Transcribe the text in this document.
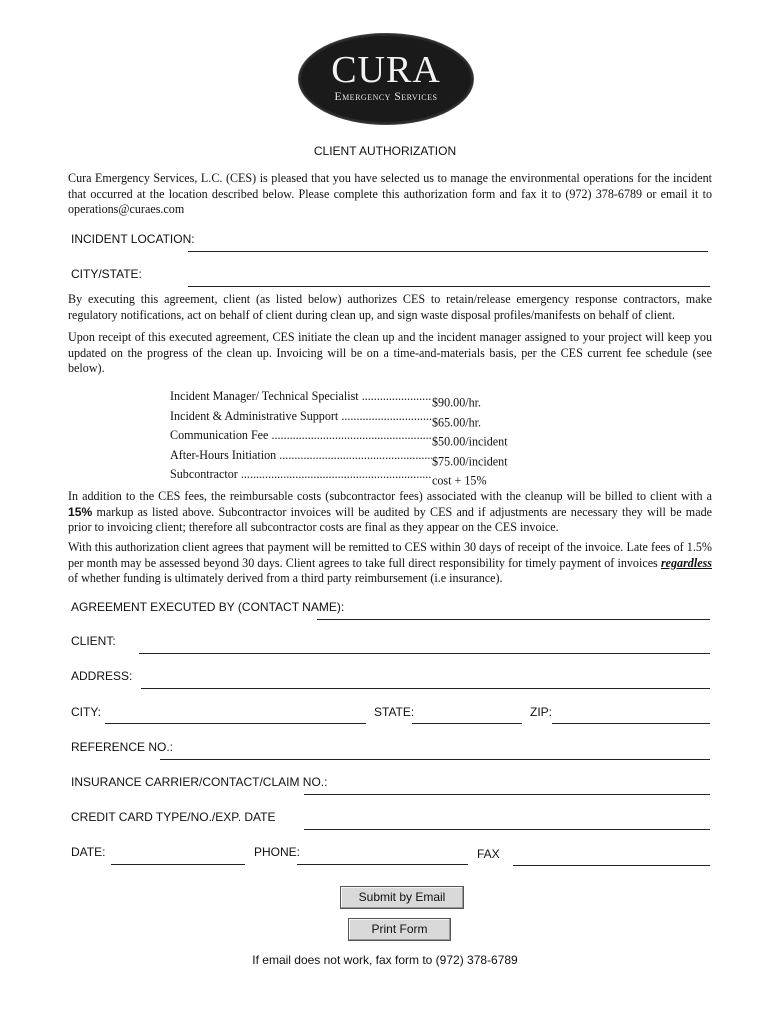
CURA
Emergency Services
CLIENT AUTHORIZATION

Cura Emergency Services, L.C. (CES) is pleased that you have selected us to manage the environmental operations for the incident that occurred at the location described below. Please complete this authorization form and fax it to (972) 378-6789 or email it to operations@curaes.com

INCIDENT LOCATION:
CITY/STATE:

By executing this agreement, client (as listed below) authorizes CES to retain/release emergency response contractors, make regulatory notifications, act on behalf of client during clean up, and sign waste disposal profiles/manifests on behalf of client.

Upon receipt of this executed agreement, CES initiate the clean up and the incident manager assigned to your project will keep you updated on the progress of the clean up. Invoicing will be on a time-and-materials basis, per the CES current fee schedule (see below).

Incident Manager/ Technical Specialist .....	$90.00/hr.
Incident & Administrative Support .....	$65.00/hr.
Communication Fee .....	$50.00/incident
After-Hours Initiation .....	$75.00/incident
Subcontractor .....	cost + 15%

In addition to the CES fees, the reimbursable costs (subcontractor fees) associated with the cleanup will be billed to client with a 15% markup as listed above. Subcontractor invoices will be audited by CES and if adjustments are necessary they will be made prior to invoicing client; therefore all subcontractor costs are final as they appear on the CES invoice.

With this authorization client agrees that payment will be remitted to CES within 30 days of receipt of the invoice. Late fees of 1.5% per month may be assessed beyond 30 days. Client agrees to take full direct responsibility for timely payment of invoices regardless of whether funding is ultimately derived from a third party reimbursement (i.e insurance).

AGREEMENT EXECUTED BY (CONTACT NAME):
CLIENT:
ADDRESS:
CITY:	STATE:	ZIP:
REFERENCE NO.:
INSURANCE CARRIER/CONTACT/CLAIM NO.:
CREDIT CARD TYPE/NO./EXP. DATE
DATE:	PHONE:	FAX
Submit by Email
Print Form
If email does not work, fax form to (972) 378-6789
